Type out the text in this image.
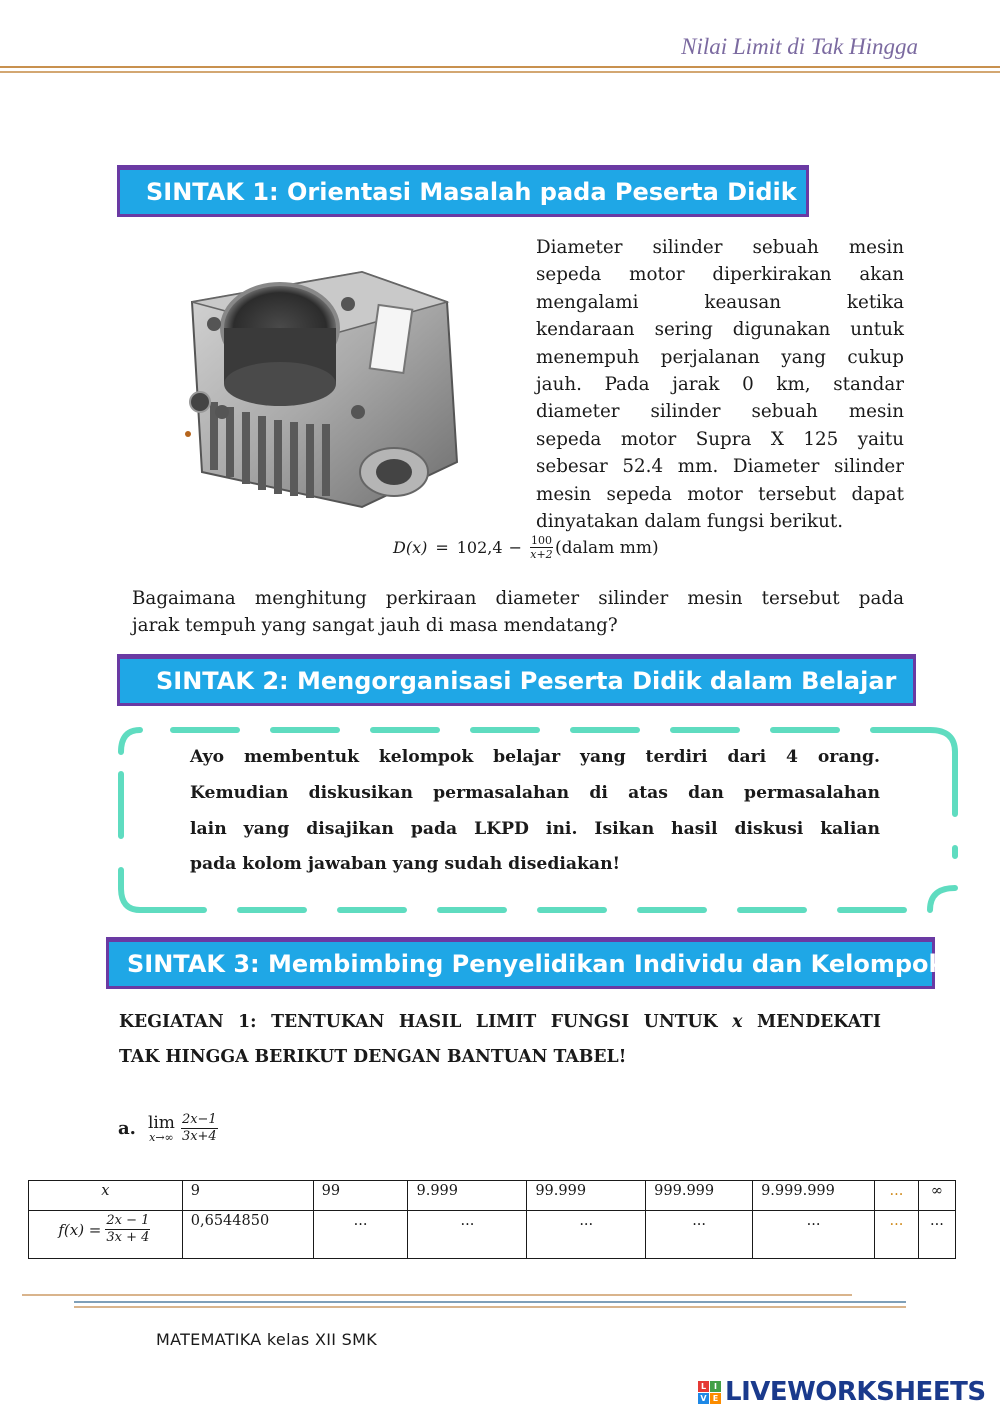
Nilai Limit di Tak Hingga
SINTAK 1: Orientasi Masalah pada Peserta Didik
Diameter silinder sebuah mesin
sepeda motor diperkirakan akan
mengalami keausan ketika
kendaraan sering digunakan untuk
menempuh perjalanan yang cukup
jauh. Pada jarak 0 km, standar
diameter silinder sebuah mesin
sepeda motor Supra X 125 yaitu
sebesar 52.4 mm. Diameter silinder
mesin sepeda motor tersebut dapat
dinyatakan dalam fungsi berikut.
$D(x) = 102,4 - \frac{100}{x+2}$ (dalam mm)
Bagaimana menghitung perkiraan diameter silinder mesin tersebut pada
jarak tempuh yang sangat jauh di masa mendatang?
SINTAK 2: Mengorganisasi Peserta Didik dalam Belajar
Ayo membentuk kelompok belajar yang terdiri dari 4 orang.
Kemudian diskusikan permasalahan di atas dan permasalahan
lain yang disajikan pada LKPD ini. Isikan hasil diskusi kalian
pada kolom jawaban yang sudah disediakan!
SINTAK 3: Membimbing Penyelidikan Individu dan Kelompok
KEGIATAN 1: TENTUKAN HASIL LIMIT FUNGSI UNTUK x MENDEKATI
TAK HINGGA BERIKUT DENGAN BANTUAN TABEL!
a. lim
$x\to\infty \frac{2x-1}{3x+4}$
x	9	99	9.999	99.999	999.999	9.999.999	...	∞

$f(x) = \frac{2x - 1}{3x + 4}$	0,6544850	...	...	...	...	...	...	...
MATEMATIKA kelas XII SMK
L I
V E LIVEWORKSHEETS
